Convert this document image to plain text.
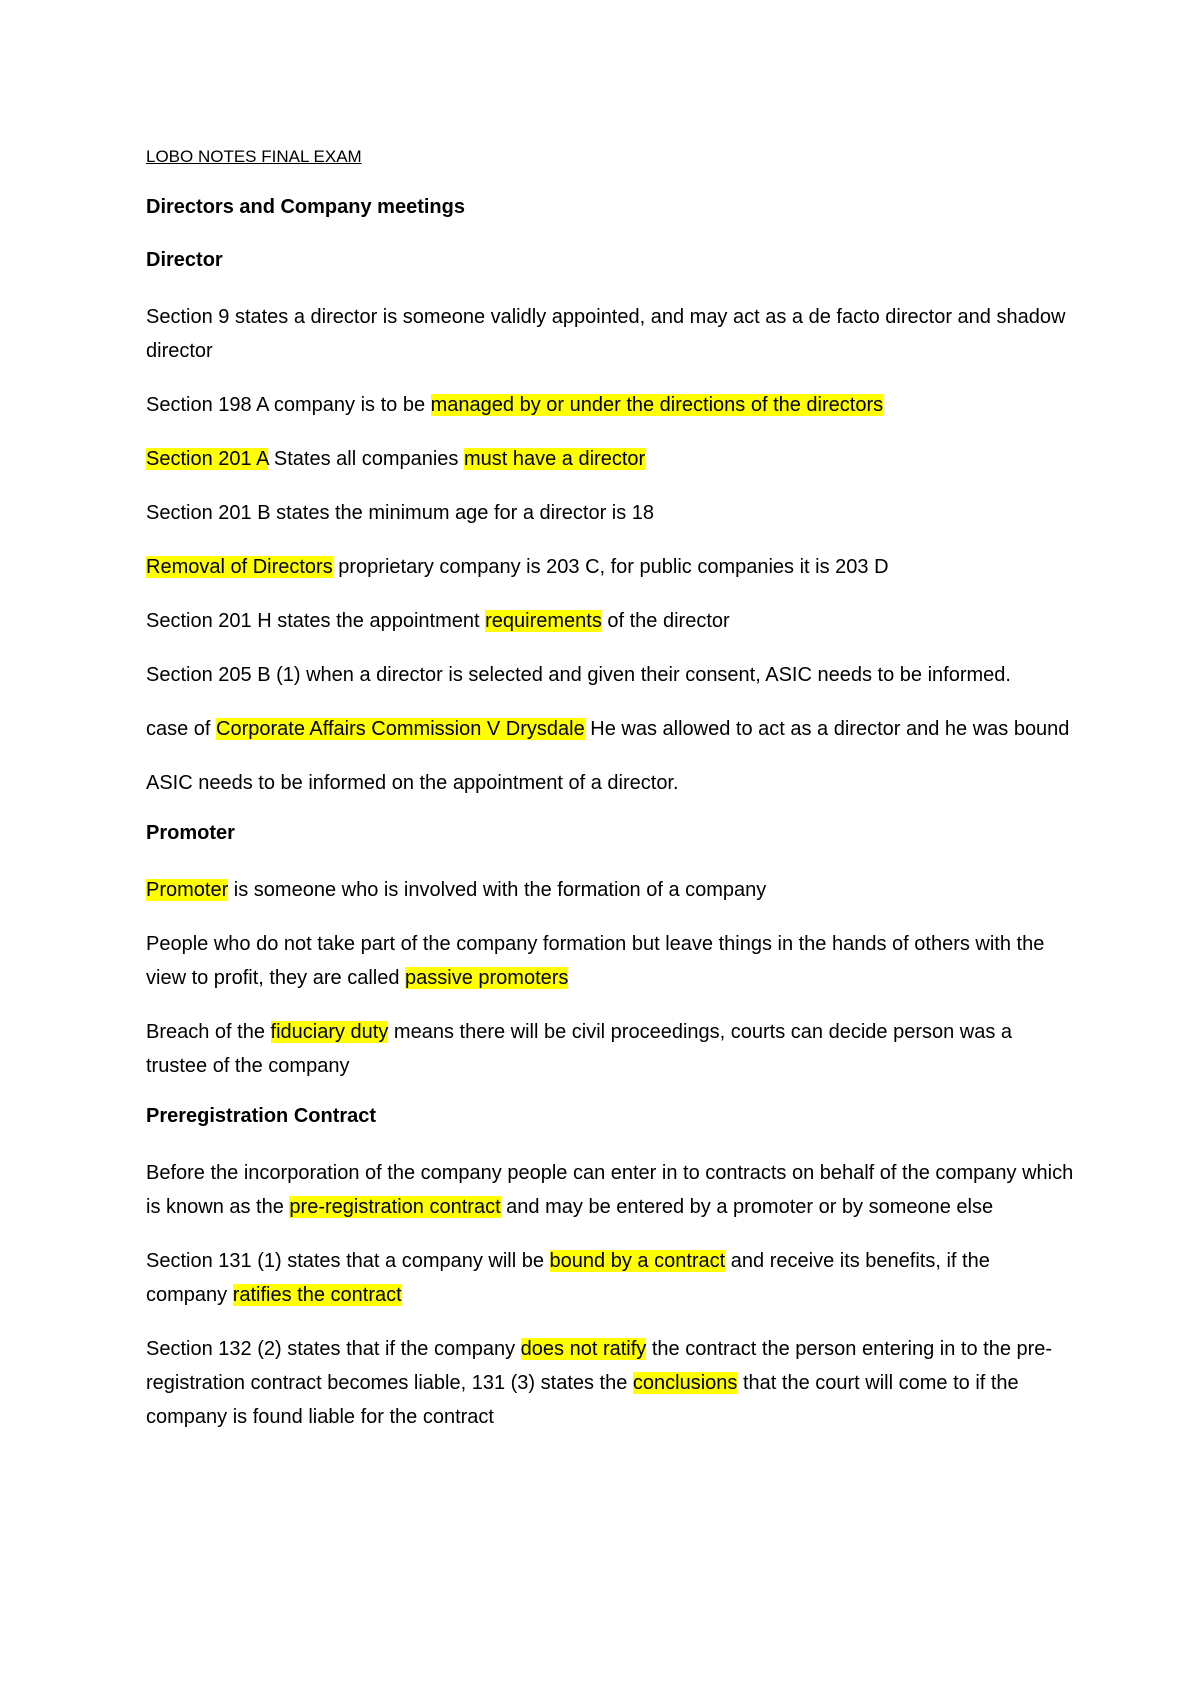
LOBO NOTES FINAL EXAM
Directors and Company meetings
Director

Section 9 states a director is someone validly appointed, and may act as a de facto director and shadow director

Section 198 A company is to be managed by or under the directions of the directors

Section 201 A States all companies must have a director

Section 201 B states the minimum age for a director is 18

Removal of Directors proprietary company is 203 C, for public companies it is 203 D

Section 201 H states the appointment requirements of the director

Section 205 B (1) when a director is selected and given their consent, ASIC needs to be informed.

case of Corporate Affairs Commission V Drysdale He was allowed to act as a director and he was bound

ASIC needs to be informed on the appointment of a director.

Promoter

Promoter is someone who is involved with the formation of a company

People who do not take part of the company formation but leave things in the hands of others with the view to profit, they are called passive promoters

Breach of the fiduciary duty means there will be civil proceedings, courts can decide person was a trustee of the company

Preregistration Contract

Before the incorporation of the company people can enter in to contracts on behalf of the company which is known as the pre-registration contract and may be entered by a promoter or by someone else

Section 131 (1) states that a company will be bound by a contract and receive its benefits, if the company ratifies the contract

Section 132 (2) states that if the company does not ratify the contract the person entering in to the pre-registration contract becomes liable, 131 (3) states the conclusions that the court will come to if the company is found liable for the contract
